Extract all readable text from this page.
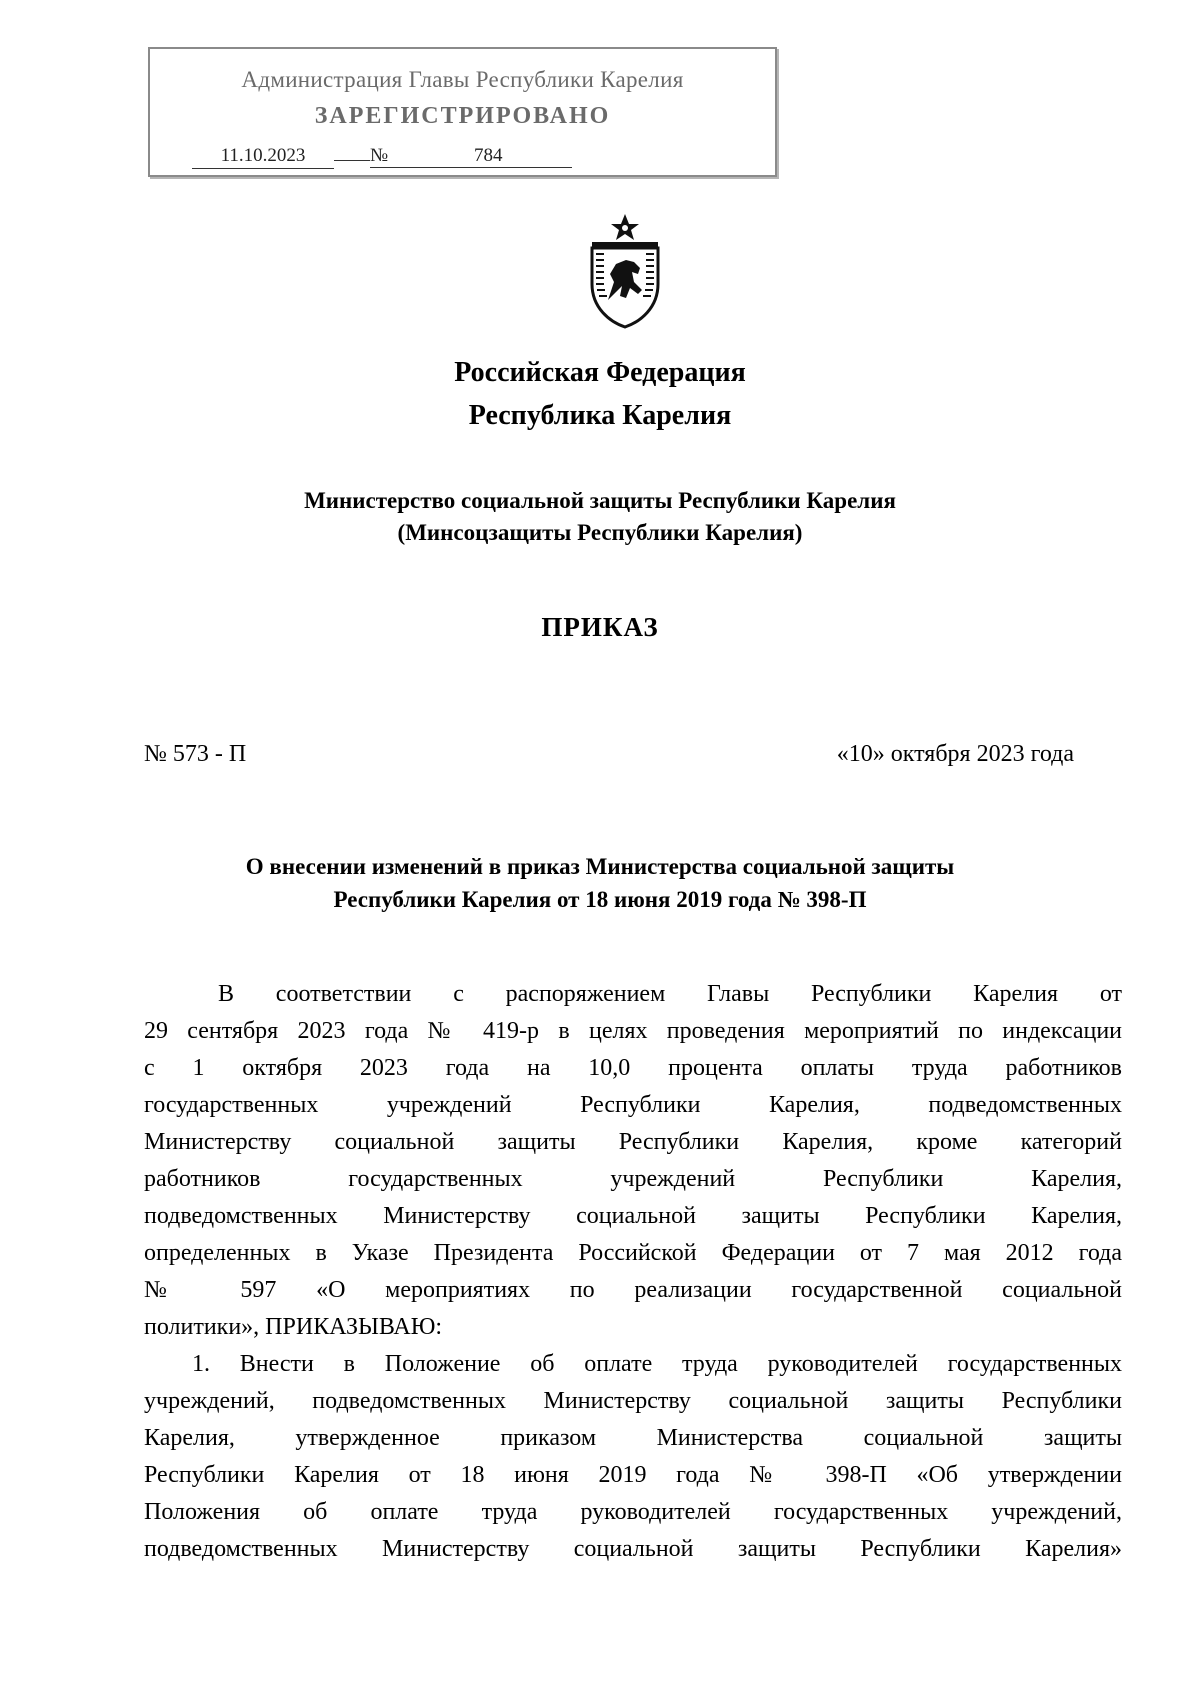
Администрация Главы Республики Карелия
ЗАРЕГИСТРИРОВАНО
11.10.2023	№	784
Российская Федерация
Республика Карелия
Министерство социальной защиты Республики Карелия
(Минсоцзащиты Республики Карелия)
ПРИКАЗ
№ 573 - П	«10» октября 2023 года
О внесении изменений в приказ Министерства социальной защиты
Республики Карелия от 18 июня 2019 года № 398-П
В соответствии с распоряжением Главы Республики Карелия от
29 сентября 2023 года № 419-р в целях проведения мероприятий по индексации
с 1 октября 2023 года на 10,0 процента оплаты труда работников
государственных учреждений Республики Карелия, подведомственных
Министерству социальной защиты Республики Карелия, кроме категорий
работников государственных учреждений Республики Карелия,
подведомственных Министерству социальной защиты Республики Карелия,
определенных в Указе Президента Российской Федерации от 7 мая 2012 года
№ 597 «О мероприятиях по реализации государственной социальной
политики», ПРИКАЗЫВАЮ:
1. Внести в Положение об оплате труда руководителей государственных
учреждений, подведомственных Министерству социальной защиты Республики
Карелия, утвержденное приказом Министерства социальной защиты
Республики Карелия от 18 июня 2019 года № 398-П «Об утверждении
Положения об оплате труда руководителей государственных учреждений,
подведомственных Министерству социальной защиты Республики Карелия»
